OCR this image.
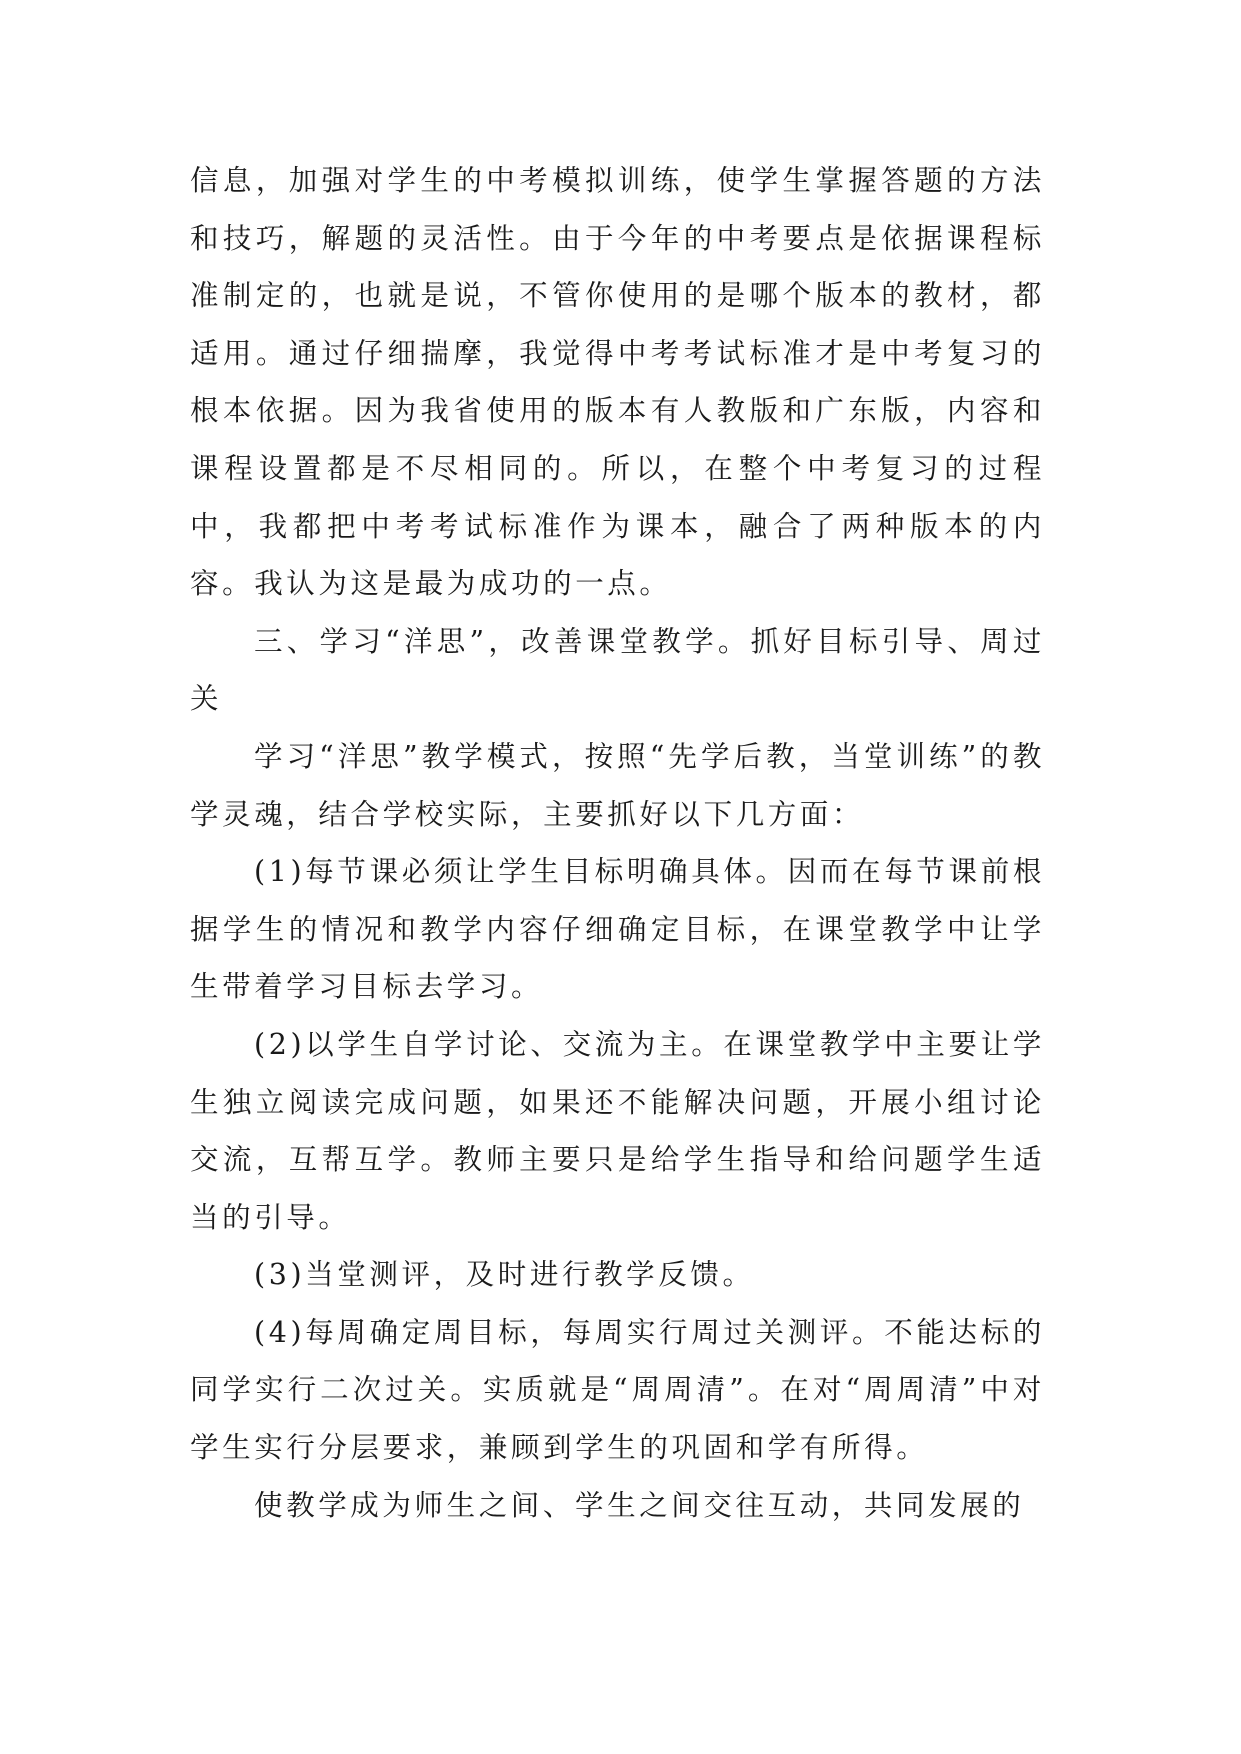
信息，加强对学生的中考模拟训练，使学生掌握答题的方法和技巧，解题的灵活性。由于今年的中考要点是依据课程标准制定的，也就是说，不管你使用的是哪个版本的教材，都适用。通过仔细揣摩，我觉得中考考试标准才是中考复习的根本依据。因为我省使用的版本有人教版和广东版，内容和课程设置都是不尽相同的。所以，在整个中考复习的过程中，我都把中考考试标准作为课本，融合了两种版本的内容。我认为这是最为成功的一点。

三、学习“洋思”，改善课堂教学。抓好目标引导、周过关

学习“洋思”教学模式，按照“先学后教，当堂训练”的教学灵魂，结合学校实际，主要抓好以下几方面：

(1)每节课必须让学生目标明确具体。因而在每节课前根据学生的情况和教学内容仔细确定目标，在课堂教学中让学生带着学习目标去学习。

(2)以学生自学讨论、交流为主。在课堂教学中主要让学生独立阅读完成问题，如果还不能解决问题，开展小组讨论交流，互帮互学。教师主要只是给学生指导和给问题学生适当的引导。

(3)当堂测评，及时进行教学反馈。

(4)每周确定周目标，每周实行周过关测评。不能达标的同学实行二次过关。实质就是“周周清”。在对“周周清”中对学生实行分层要求，兼顾到学生的巩固和学有所得。

使教学成为师生之间、学生之间交往互动，共同发展的
